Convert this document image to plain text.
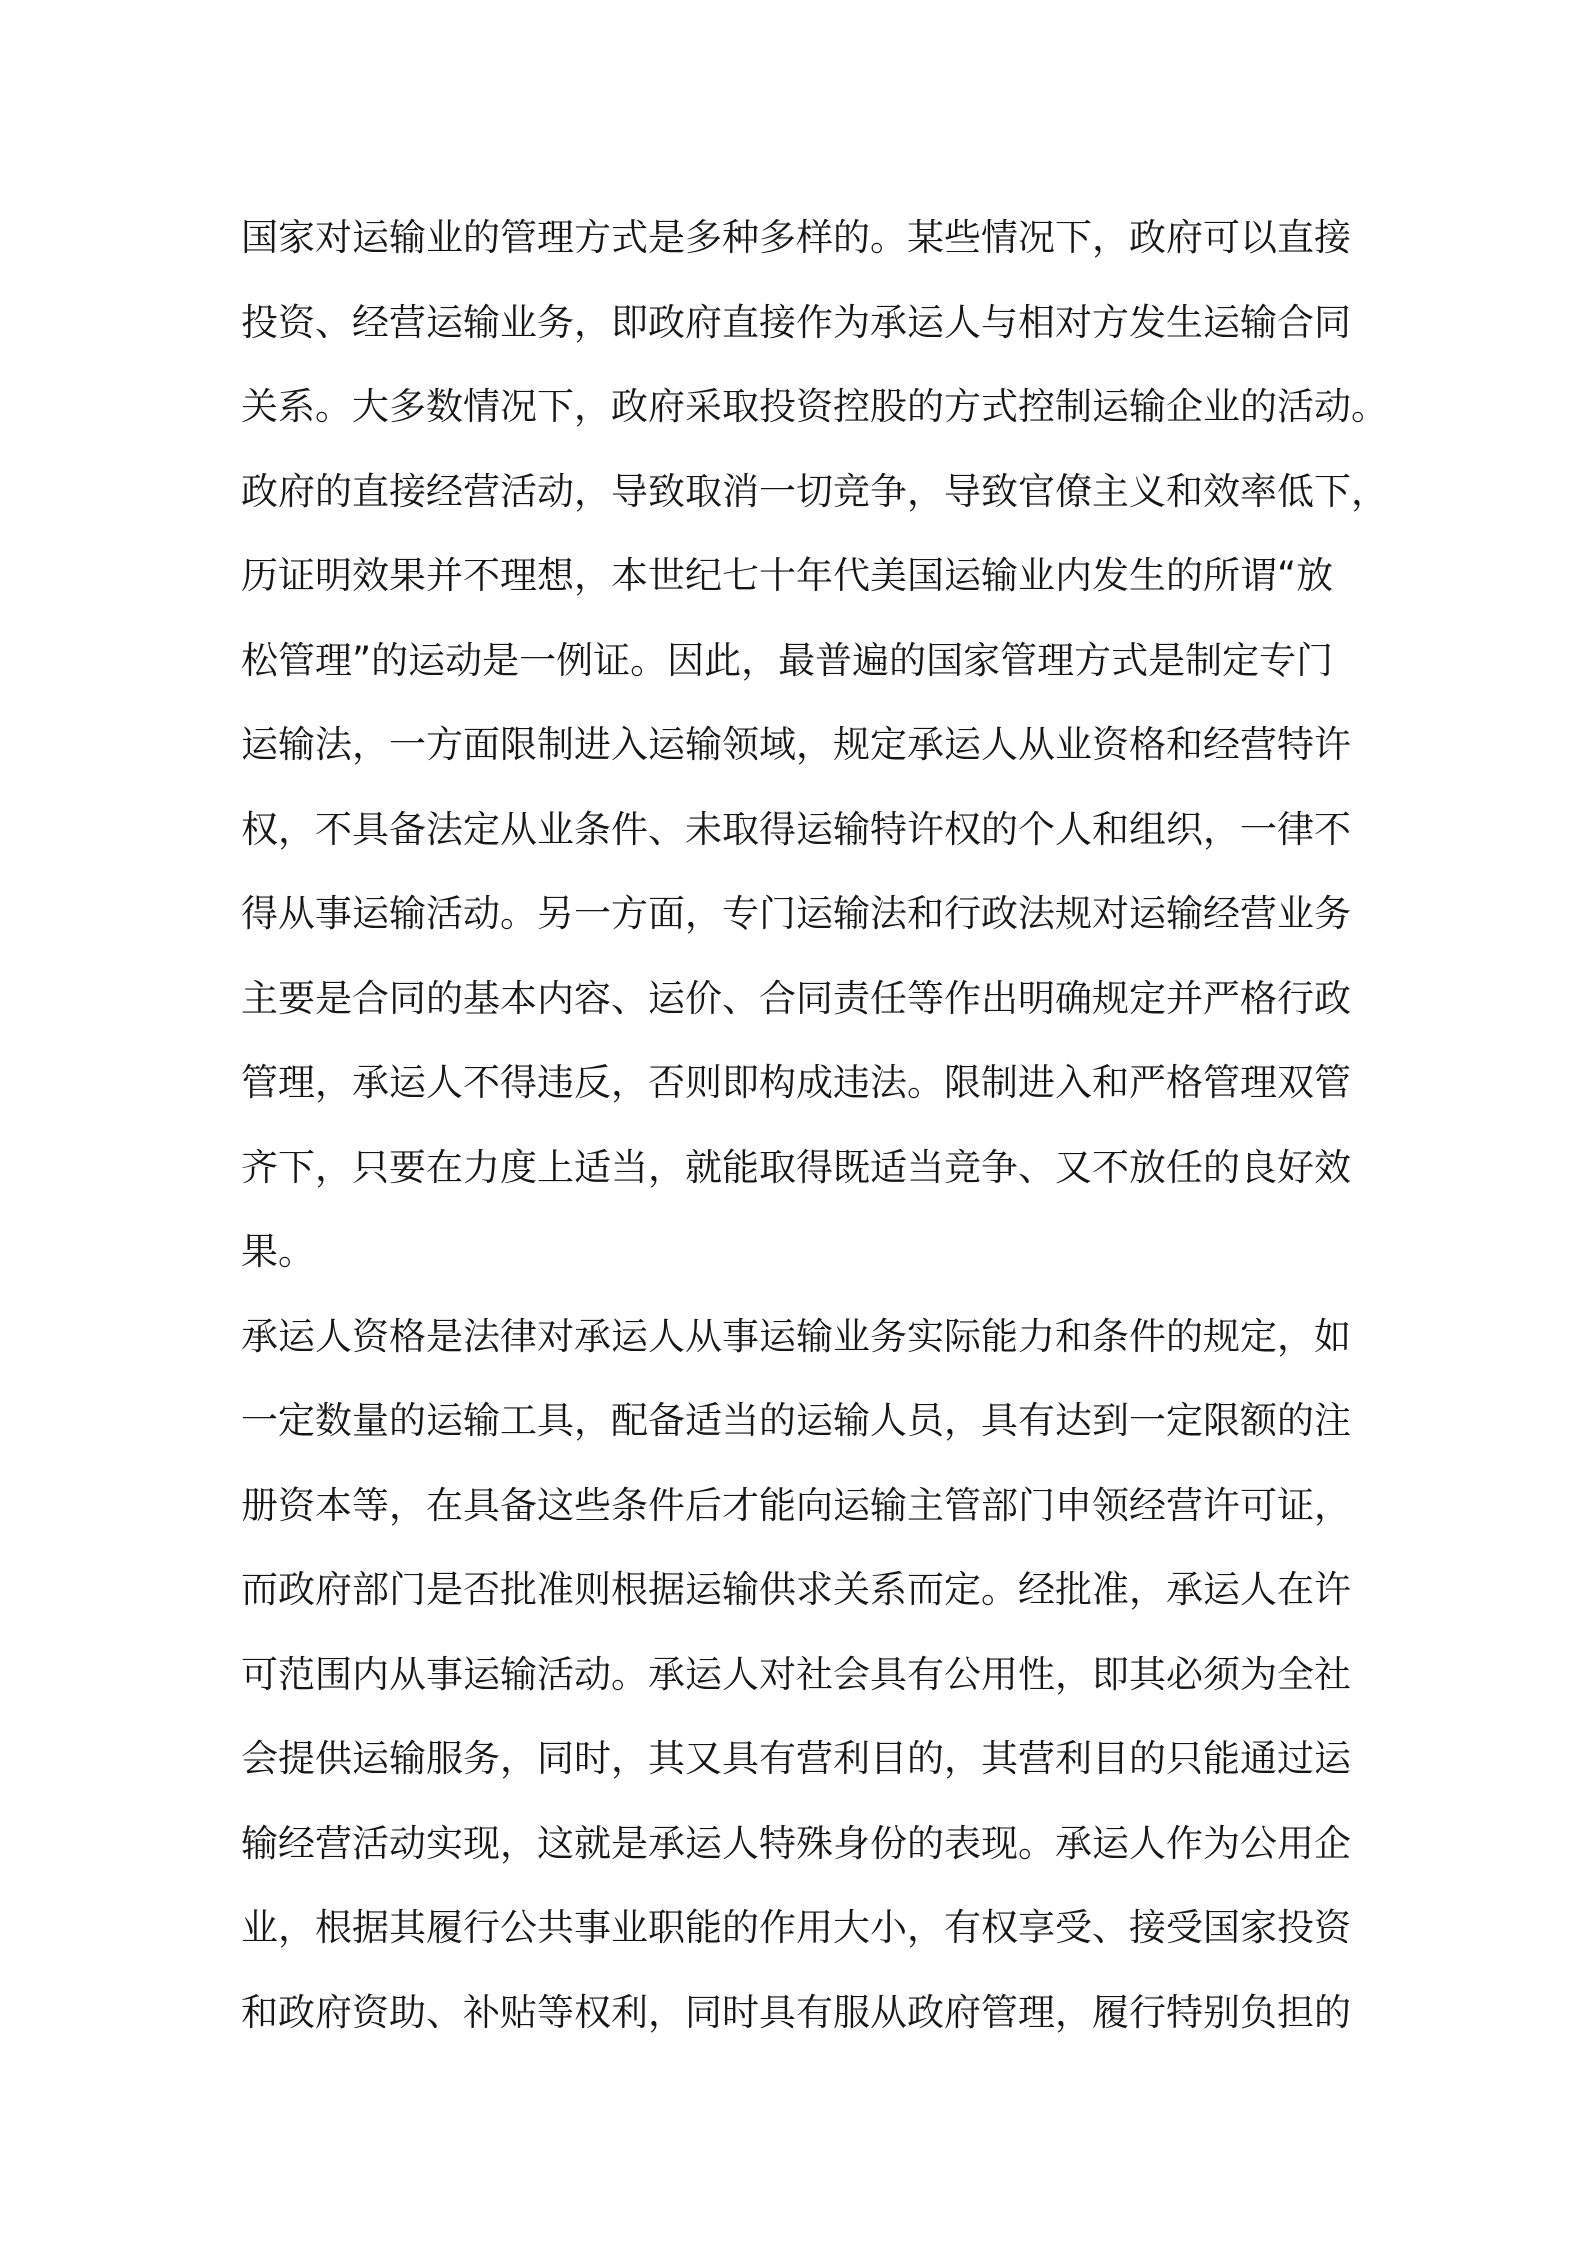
国家对运输业的管理方式是多种多样的。某些情况下，政府可以直接
投资、经营运输业务，即政府直接作为承运人与相对方发生运输合同
关系。大多数情况下，政府采取投资控股的方式控制运输企业的活动。
政府的直接经营活动，导致取消一切竞争，导致官僚主义和效率低下，
历证明效果并不理想，本世纪七十年代美国运输业内发生的所谓“放
松管理”的运动是一例证。因此，最普遍的国家管理方式是制定专门
运输法，一方面限制进入运输领域，规定承运人从业资格和经营特许
权，不具备法定从业条件、未取得运输特许权的个人和组织，一律不
得从事运输活动。另一方面，专门运输法和行政法规对运输经营业务
主要是合同的基本内容、运价、合同责任等作出明确规定并严格行政
管理，承运人不得违反，否则即构成违法。限制进入和严格管理双管
齐下，只要在力度上适当，就能取得既适当竞争、又不放任的良好效
果。
承运人资格是法律对承运人从事运输业务实际能力和条件的规定，如
一定数量的运输工具，配备适当的运输人员，具有达到一定限额的注
册资本等，在具备这些条件后才能向运输主管部门申领经营许可证，
而政府部门是否批准则根据运输供求关系而定。经批准，承运人在许
可范围内从事运输活动。承运人对社会具有公用性，即其必须为全社
会提供运输服务，同时，其又具有营利目的，其营利目的只能通过运
输经营活动实现，这就是承运人特殊身份的表现。承运人作为公用企
业，根据其履行公共事业职能的作用大小，有权享受、接受国家投资
和政府资助、补贴等权利，同时具有服从政府管理，履行特别负担的
